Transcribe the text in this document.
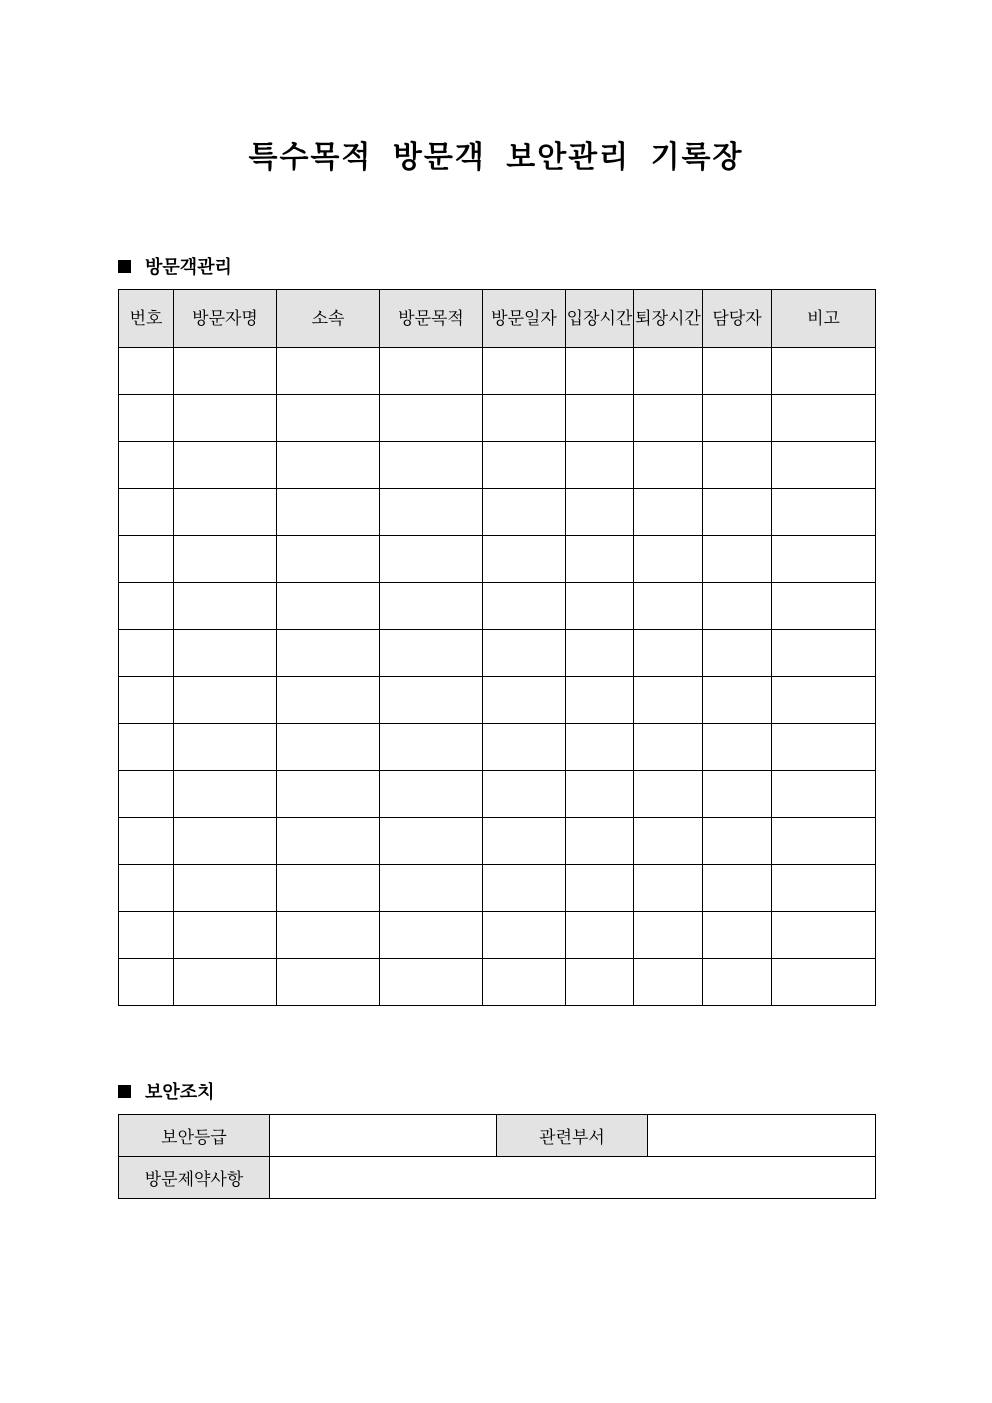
특수목적 방문객 보안관리 기록장
방문객관리
번호	방문자명	소속	방문목적	방문일자	입장시간	퇴장시간	담당자	비고

보안조치
보안등급		관련부서	
방문제약사항			
